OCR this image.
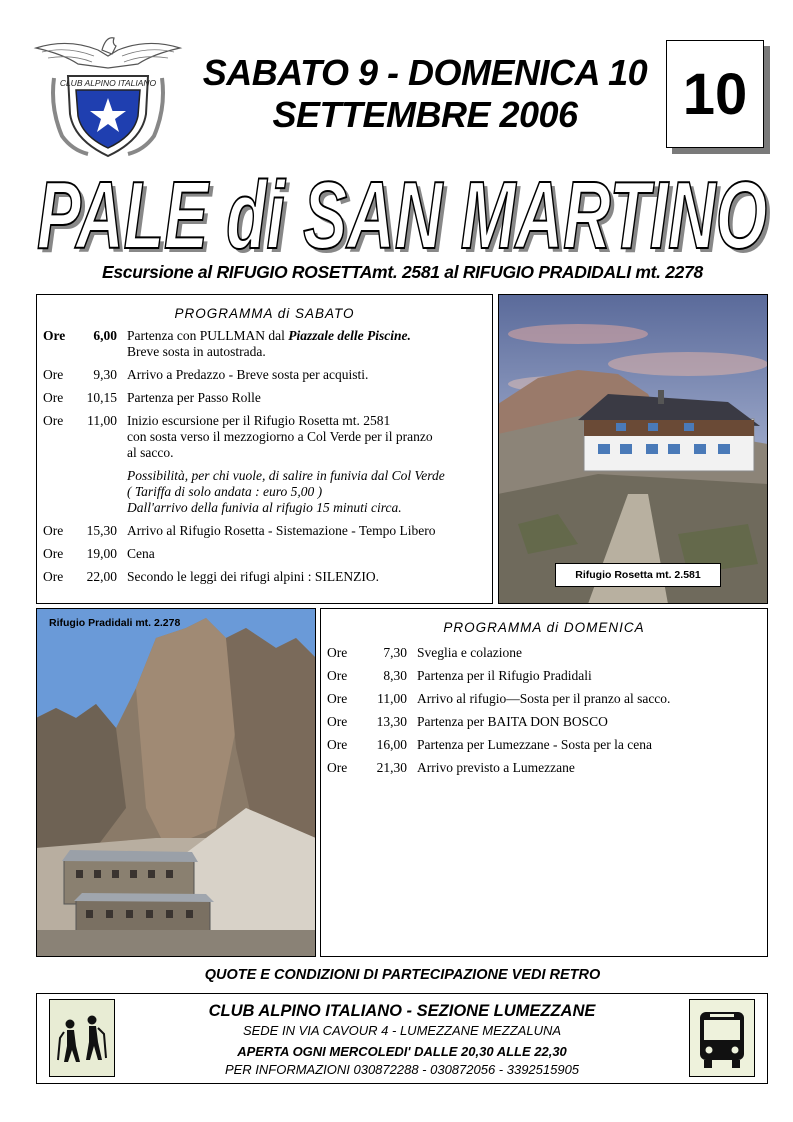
CLUB ALPINO ITALIANO	SABATO 9 - DOMENICA 10
SETTEMBRE 2006	10
PALE di SAN MARTINO
PALE di SAN MARTINO
Escursione al RIFUGIO ROSETTAmt. 2581 al RIFUGIO PRADIDALI mt. 2278
PROGRAMMA di SABATO
Ore	6,00 Partenza con PULLMAN dal Piazzale delle Piscine.
Breve sosta in autostrada.
Ore	9,30 Arrivo a Predazzo - Breve sosta per acquisti.
Ore	10,15 Partenza per Passo Rolle
Ore	11,00 Inizio escursione per il Rifugio Rosetta mt. 2581
con sosta verso il mezzogiorno a Col Verde per il pranzo
al sacco.
Possibilità, per chi vuole, di salire in funivia dal Col Verde
( Tariffa di solo andata : euro 5,00 )
Dall'arrivo della funivia al rifugio 15 minuti circa.
Ore	15,30 Arrivo al Rifugio Rosetta - Sistemazione - Tempo Libero
Ore	19,00 Cena
Ore	22,00 Secondo le leggi dei rifugi alpini : SILENZIO.	Rifugio Rosetta mt. 2.581
Rifugio Pradidali mt. 2.278	PROGRAMMA di DOMENICA
Ore	7,30 Sveglia e colazione
Ore	8,30 Partenza per il Rifugio Pradidali
Ore	11,00 Arrivo al rifugio—Sosta per il pranzo al sacco.
Ore	13,30 Partenza per BAITA DON BOSCO
Ore	16,00 Partenza per Lumezzane - Sosta per la cena
Ore	21,30 Arrivo previsto a Lumezzane
QUOTE E CONDIZIONI DI PARTECIPAZIONE VEDI RETRO
CLUB ALPINO ITALIANO - SEZIONE LUMEZZANE
SEDE IN VIA CAVOUR 4 - LUMEZZANE MEZZALUNA
APERTA OGNI MERCOLEDI' DALLE 20,30 ALLE 22,30
PER INFORMAZIONI 030872288 - 030872056 - 3392515905
